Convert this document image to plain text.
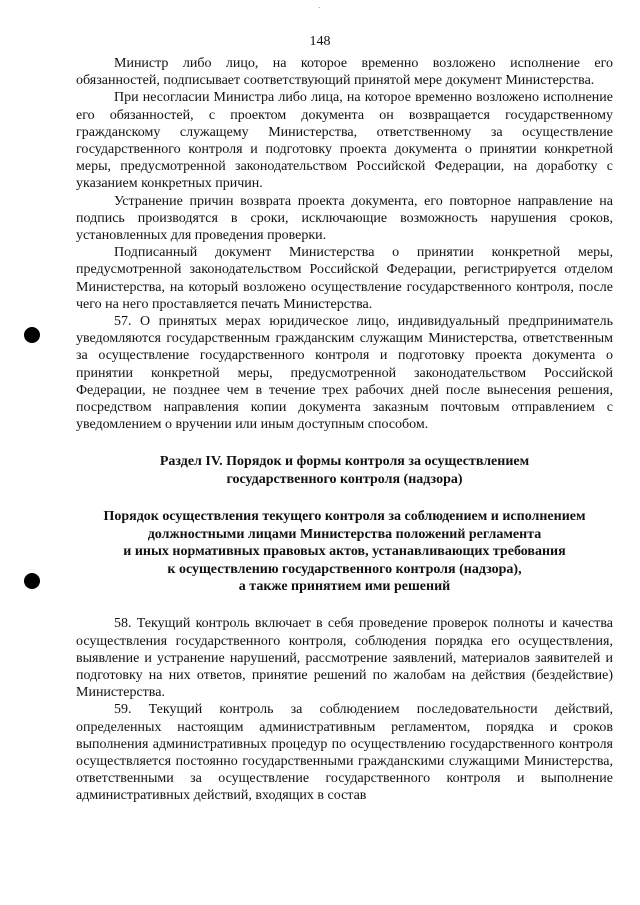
·
148

Министр либо лицо, на которое временно возложено исполнение его обязанностей, подписывает соответствующий принятой мере документ Министерства.

При несогласии Министра либо лица, на которое временно возложено исполнение его обязанностей, с проектом документа он возвращается государственному гражданскому служащему Министерства, ответственному за осуществление государственного контроля и подготовку проекта документа о принятии конкретной меры, предусмотренной законодательством Российской Федерации, на доработку с указанием конкретных причин.

Устранение причин возврата проекта документа, его повторное направление на подпись производятся в сроки, исключающие возможность нарушения сроков, установленных для проведения проверки.

Подписанный документ Министерства о принятии конкретной меры, предусмотренной законодательством Российской Федерации, регистрируется отделом Министерства, на который возложено осуществление государственного контроля, после чего на него проставляется печать Министерства.

57. О принятых мерах юридическое лицо, индивидуальный предприниматель уведомляются государственным гражданским служащим Министерства, ответственным за осуществление государственного контроля и подготовку проекта документа о принятии конкретной меры, предусмотренной законодательством Российской Федерации, не позднее чем в течение трех рабочих дней после вынесения решения, посредством направления копии документа заказным почтовым отправлением с уведомлением о вручении или иным доступным способом.

Раздел IV. Порядок и формы контроля за осуществлением
государственного контроля (надзора)
Порядок осуществления текущего контроля за соблюдением и исполнением
должностными лицами Министерства положений регламента
и иных нормативных правовых актов, устанавливающих требования
к осуществлению государственного контроля (надзора),
а также принятием ими решений

58. Текущий контроль включает в себя проведение проверок полноты и качества осуществления государственного контроля, соблюдения порядка его осуществления, выявление и устранение нарушений, рассмотрение заявлений, материалов заявителей и подготовку на них ответов, принятие решений по жалобам на действия (бездействие) Министерства.

59. Текущий контроль за соблюдением последовательности действий, определенных настоящим административным регламентом, порядка и сроков выполнения административных процедур по осуществлению государственного контроля осуществляется постоянно государственными гражданскими служащими Министерства, ответственными за осуществление государственного контроля и выполнение административных действий, входящих в состав
